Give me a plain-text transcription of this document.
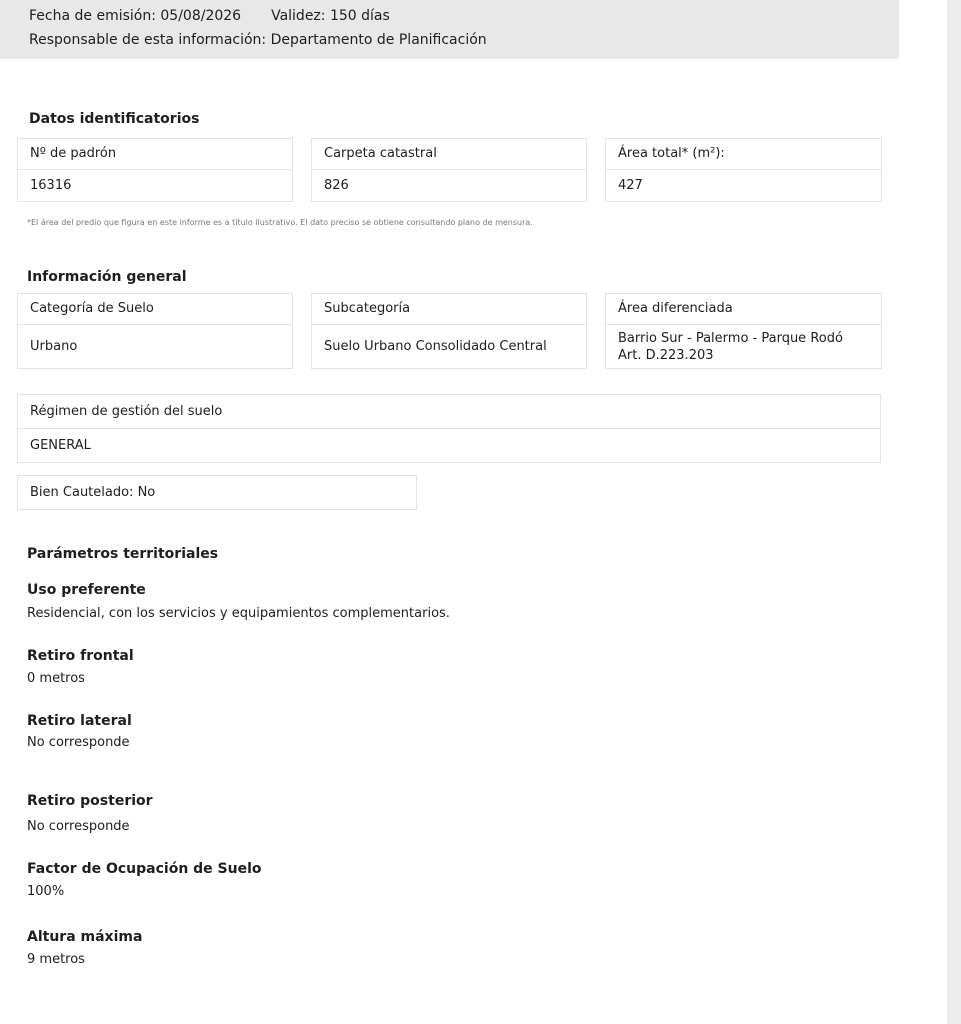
Fecha de emisión: 05/08/2026 Validez: 150 días
Responsable de esta información: Departamento de Planificación
Datos identificatorios
Nº de padrón
16316
Carpeta catastral
826
Área total* (m²):
427
*El área del predio que figura en este informe es a título ilustrativo. El dato preciso se obtiene consultando plano de mensura.
Información general
Categoría de Suelo
Urbano
Subcategoría
Suelo Urbano Consolidado Central
Área diferenciada
Barrio Sur - Palermo - Parque Rodó
Art. D.223.203
Régimen de gestión del suelo
GENERAL
Bien Cautelado: No
Parámetros territoriales
Uso preferente
Residencial, con los servicios y equipamientos complementarios.
Retiro frontal
0 metros
Retiro lateral
No corresponde
Retiro posterior
No corresponde
Factor de Ocupación de Suelo
100%
Altura máxima
9 metros
